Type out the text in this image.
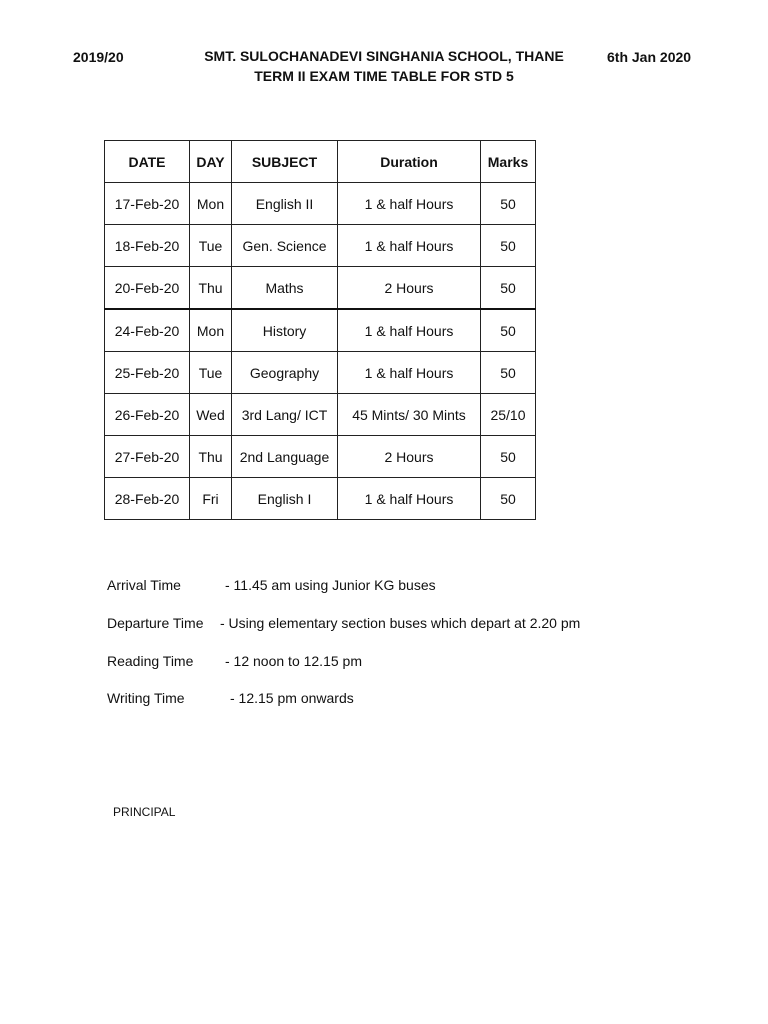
2019/20	SMT. SULOCHANADEVI SINGHANIA SCHOOL, THANE	6th Jan 2020
TERM II EXAM TIME TABLE FOR STD 5
DATE	DAY	SUBJECT	Duration	Marks
17-Feb-20	Mon	English II	1 & half Hours	50
18-Feb-20	Tue	Gen. Science	1 & half Hours	50
20-Feb-20	Thu	Maths	2 Hours	50
24-Feb-20	Mon	History	1 & half Hours	50
25-Feb-20	Tue	Geography	1 & half Hours	50
26-Feb-20	Wed	3rd Lang/ ICT	45 Mints/ 30 Mints	25/10
27-Feb-20	Thu	2nd Language	2 Hours	50
28-Feb-20	Fri	English I	1 & half Hours	50
Arrival Time	- 11.45 am using Junior KG buses
Departure Time - Using elementary section buses which depart at 2.20 pm
Reading Time - 12 noon to 12.15 pm
Writing Time	- 12.15 pm onwards
PRINCIPAL
